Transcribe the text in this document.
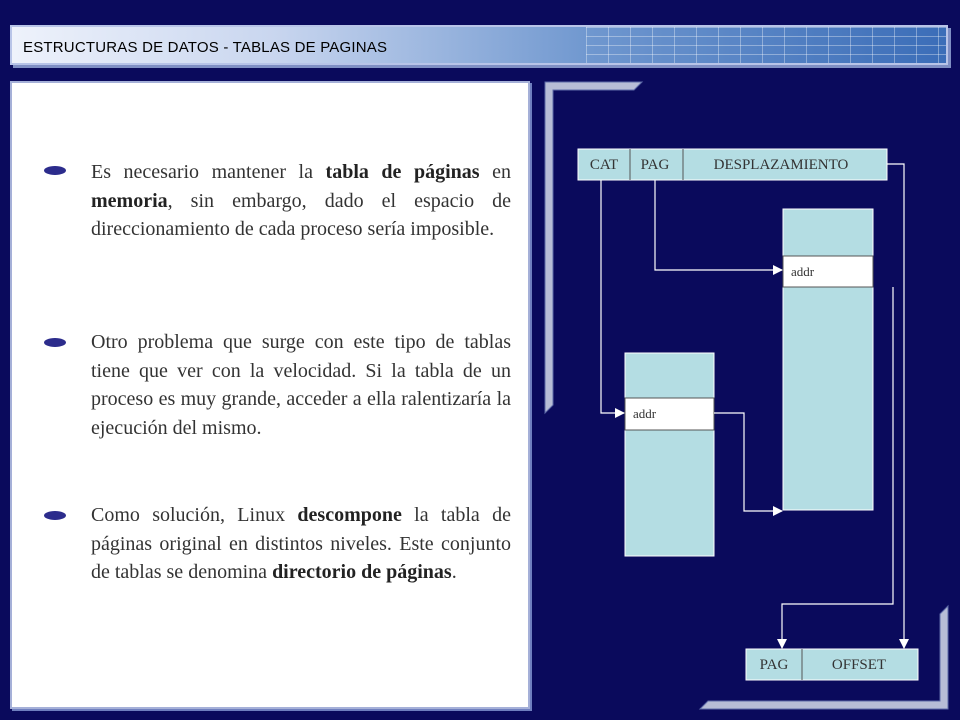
ESTRUCTURAS DE DATOS - TABLAS DE PAGINAS
Es necesario mantener la tabla de páginas en memoria, sin embargo, dado el espacio de direccionamiento de cada proceso sería imposible.
Otro problema que surge con este tipo de tablas tiene que ver con la velocidad. Si la tabla de un proceso es muy grande, acceder a ella ralentizaría la ejecución del mismo.
Como solución, Linux descompone la tabla de páginas original en distintos niveles. Este conjunto de tablas se denomina directorio de páginas.
CAT PAG	DESPLAZAMIENTO
addr
addr
PAG	OFFSET
